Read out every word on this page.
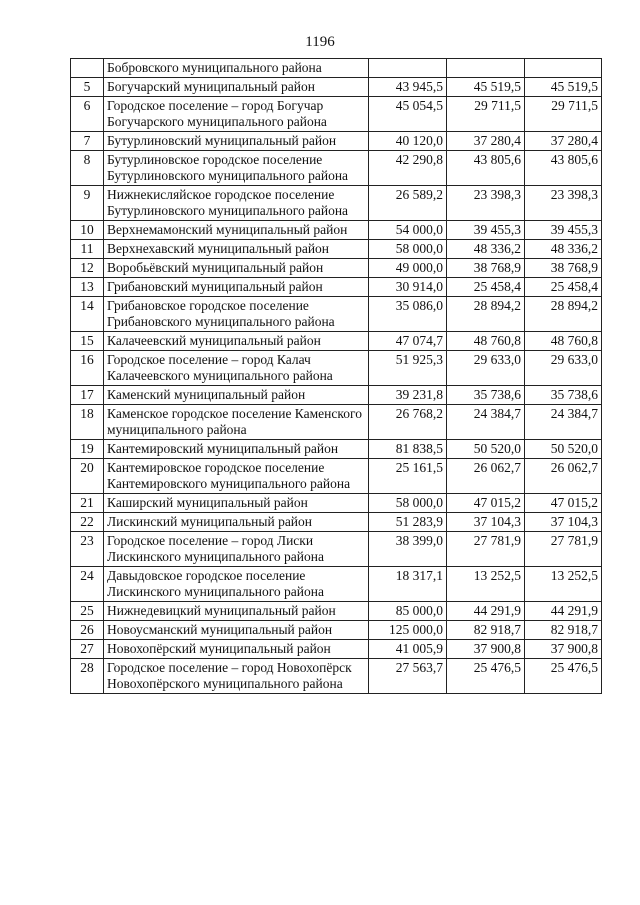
1196
	Бобровского муниципального района			
5	Богучарский муниципальный район	43 945,5	45 519,5	45 519,5
6	Городское поселение – город Богучар Богучарского муниципального района	45 054,5	29 711,5	29 711,5
7	Бутурлиновский муниципальный район	40 120,0	37 280,4	37 280,4
8	Бутурлиновское городское поселение Бутурлиновского муниципального района	42 290,8	43 805,6	43 805,6
9	Нижнекисляйское городское поселение Бутурлиновского муниципального района	26 589,2	23 398,3	23 398,3
10	Верхнемамонский муниципальный район	54 000,0	39 455,3	39 455,3
11	Верхнехавский муниципальный район	58 000,0	48 336,2	48 336,2
12	Воробьёвский муниципальный район	49 000,0	38 768,9	38 768,9
13	Грибановский муниципальный район	30 914,0	25 458,4	25 458,4
14	Грибановское городское поселение Грибановского муниципального района	35 086,0	28 894,2	28 894,2
15	Калачеевский муниципальный район	47 074,7	48 760,8	48 760,8
16	Городское поселение – город Калач Калачеевского муниципального района	51 925,3	29 633,0	29 633,0
17	Каменский муниципальный район	39 231,8	35 738,6	35 738,6
18	Каменское городское поселение Каменского муниципального района	26 768,2	24 384,7	24 384,7
19	Кантемировский муниципальный район	81 838,5	50 520,0	50 520,0
20	Кантемировское городское поселение Кантемировского муниципального района	25 161,5	26 062,7	26 062,7
21	Каширский муниципальный район	58 000,0	47 015,2	47 015,2
22	Лискинский муниципальный район	51 283,9	37 104,3	37 104,3
23	Городское поселение – город Лиски Лискинского муниципального района	38 399,0	27 781,9	27 781,9
24	Давыдовское городское поселение Лискинского муниципального района	18 317,1	13 252,5	13 252,5
25	Нижнедевицкий муниципальный район	85 000,0	44 291,9	44 291,9
26	Новоусманский муниципальный район	125 000,0	82 918,7	82 918,7
27	Новохопёрский муниципальный район	41 005,9	37 900,8	37 900,8
28	Городское поселение – город Новохопёрск Новохопёрского муниципального района	27 563,7	25 476,5	25 476,5
